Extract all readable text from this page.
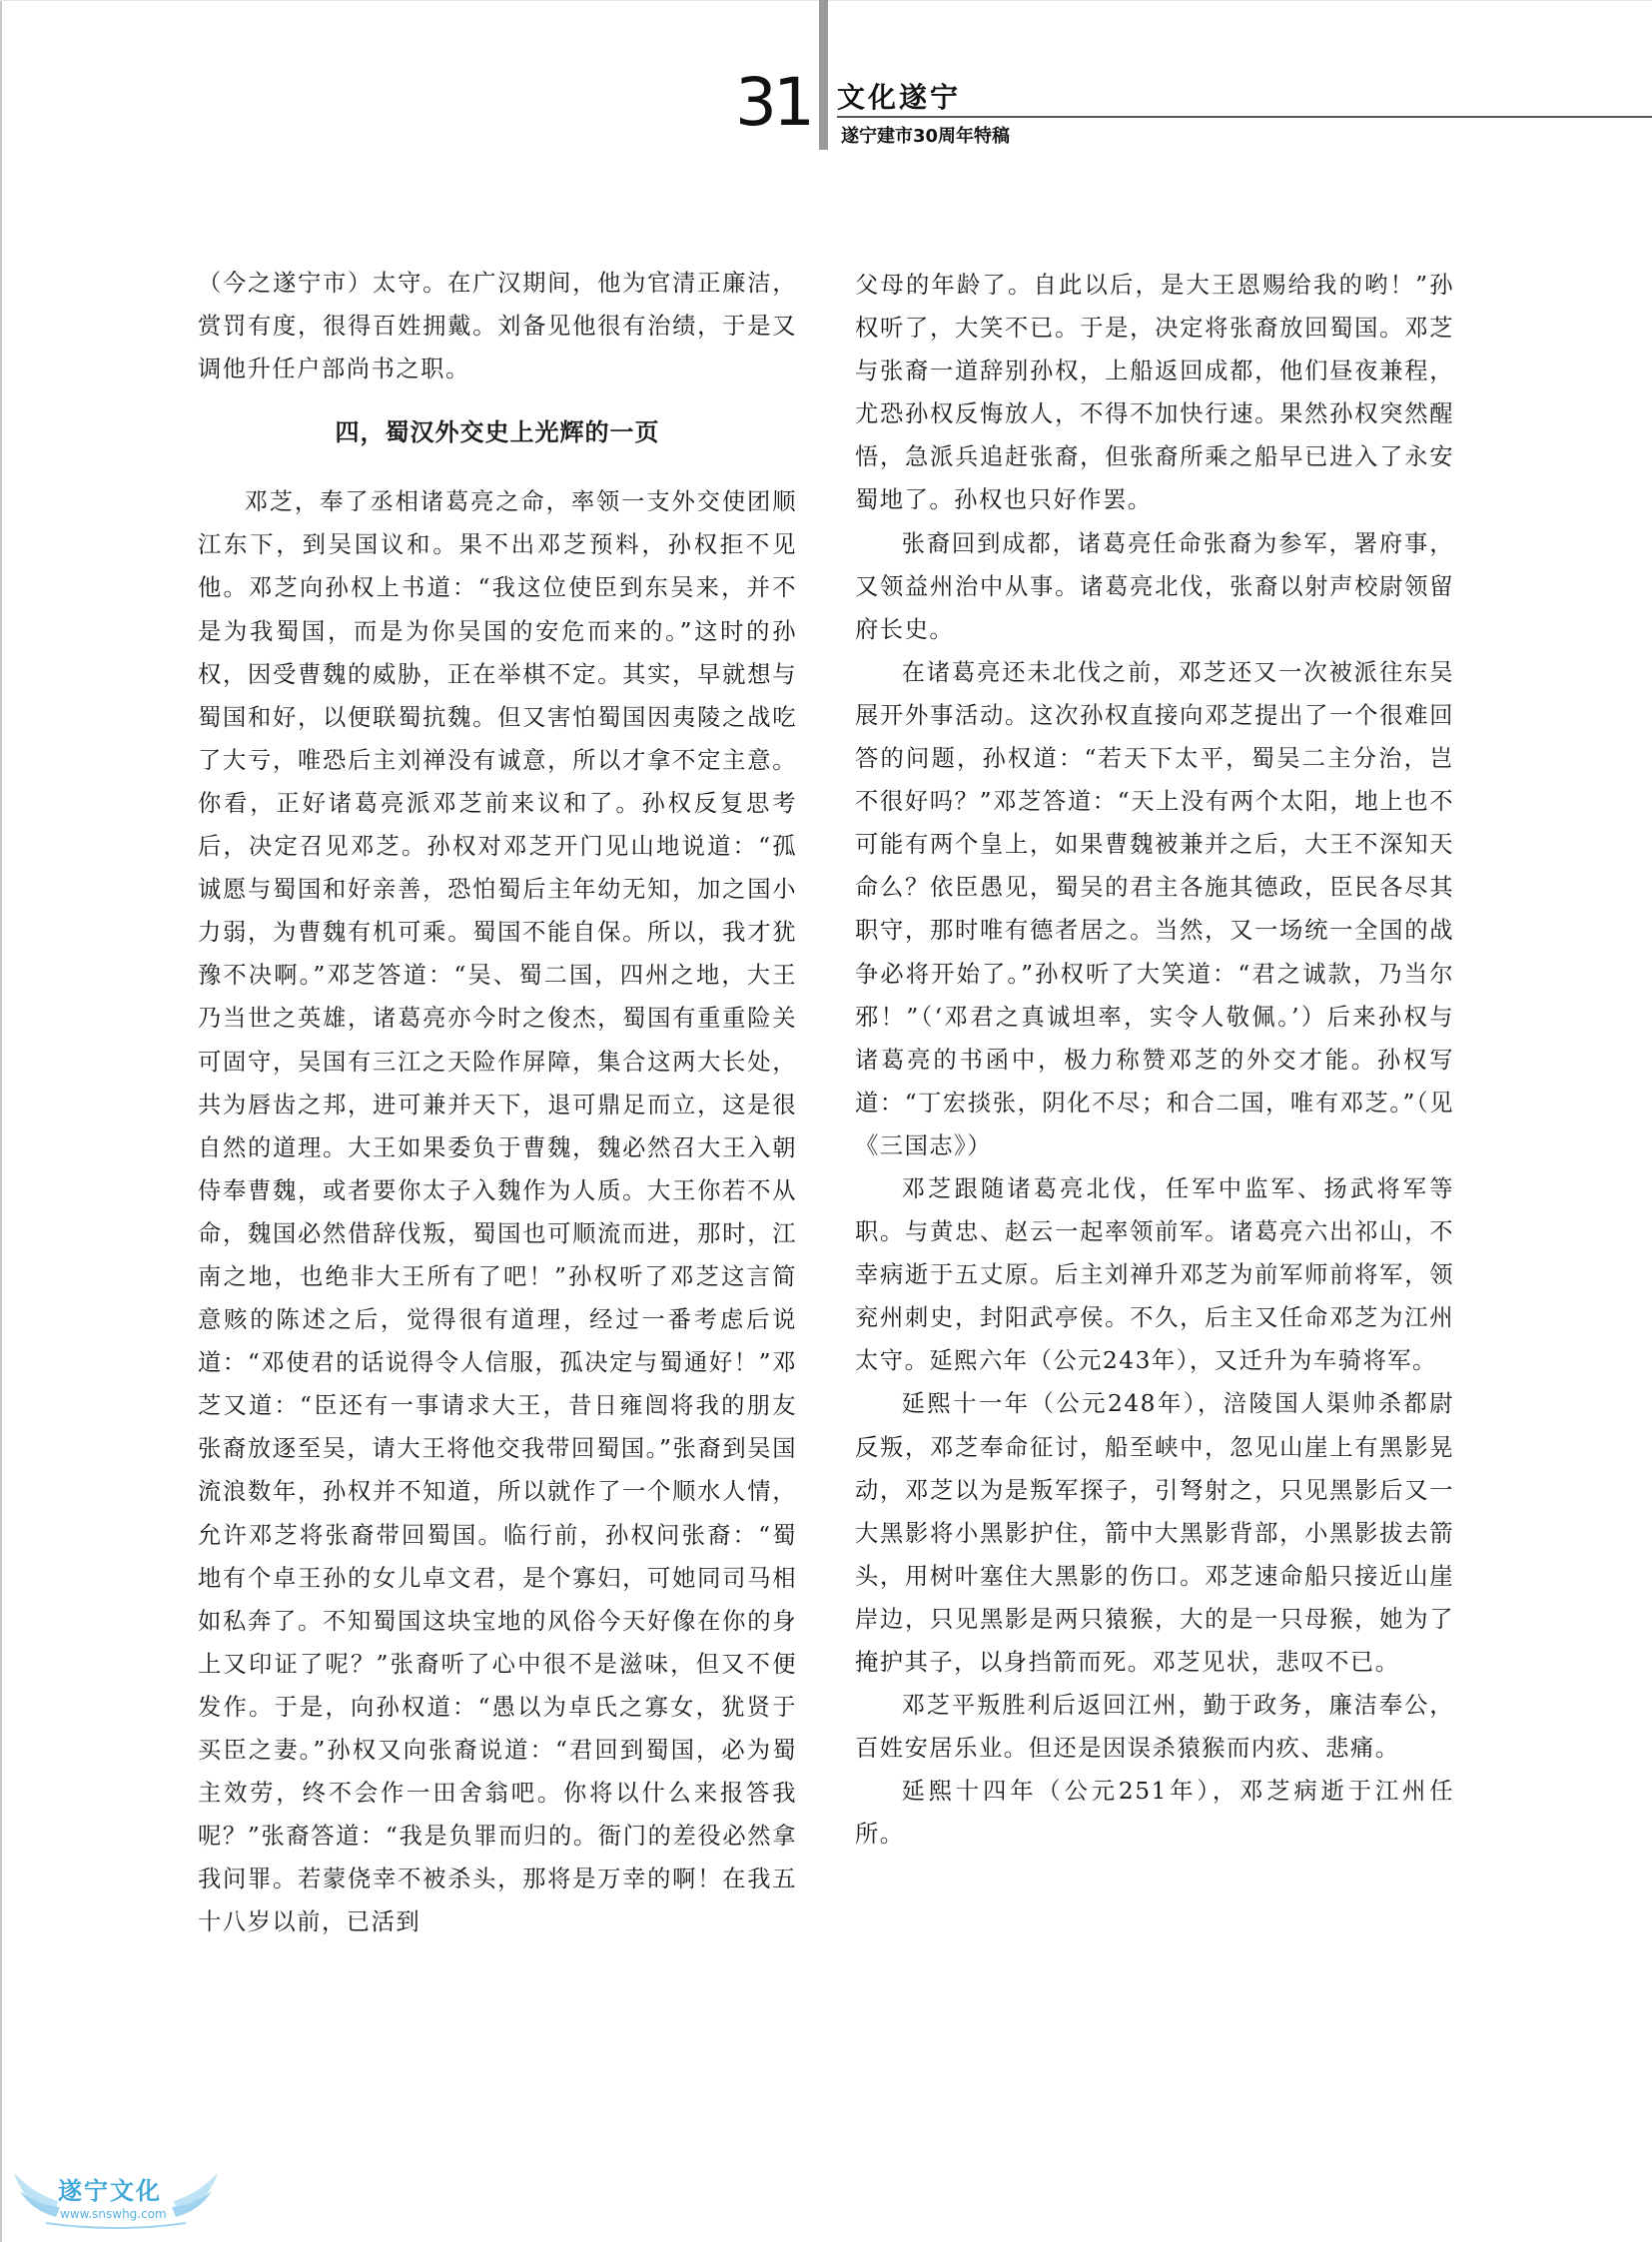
31 文化遂宁
遂宁建市30周年特稿

（今之遂宁市）太守。在广汉期间，他为官清正廉洁，赏罚有度，很得百姓拥戴。刘备见他很有治绩，于是又调他升任户部尚书之职。

四，蜀汉外交史上光辉的一页

邓芝，奉了丞相诸葛亮之命，率领一支外交使团顺江东下，到吴国议和。果不出邓芝预料，孙权拒不见他。邓芝向孙权上书道：“我这位使臣到东吴来，并不是为我蜀国，而是为你吴国的安危而来的。”这时的孙权，因受曹魏的威胁，正在举棋不定。其实，早就想与蜀国和好，以便联蜀抗魏。但又害怕蜀国因夷陵之战吃了大亏，唯恐后主刘禅没有诚意，所以才拿不定主意。你看，正好诸葛亮派邓芝前来议和了。孙权反复思考后，决定召见邓芝。孙权对邓芝开门见山地说道：“孤诚愿与蜀国和好亲善，恐怕蜀后主年幼无知，加之国小力弱，为曹魏有机可乘。蜀国不能自保。所以，我才犹豫不决啊。”邓芝答道：“吴、蜀二国，四州之地，大王乃当世之英雄，诸葛亮亦今时之俊杰，蜀国有重重险关可固守，吴国有三江之天险作屏障，集合这两大长处，共为唇齿之邦，进可兼并天下，退可鼎足而立，这是很自然的道理。大王如果委负于曹魏，魏必然召大王入朝侍奉曹魏，或者要你太子入魏作为人质。大王你若不从命，魏国必然借辞伐叛，蜀国也可顺流而进，那时，江南之地，也绝非大王所有了吧！”孙权听了邓芝这言简意赅的陈述之后，觉得很有道理，经过一番考虑后说道：“邓使君的话说得令人信服，孤决定与蜀通好！”邓芝又道：“臣还有一事请求大王，昔日雍闿将我的朋友张裔放逐至吴，请大王将他交我带回蜀国。”张裔到吴国流浪数年，孙权并不知道，所以就作了一个顺水人情，允许邓芝将张裔带回蜀国。临行前，孙权问张裔：“蜀地有个卓王孙的女儿卓文君，是个寡妇，可她同司马相如私奔了。不知蜀国这块宝地的风俗今天好像在你的身上又印证了呢？”张裔听了心中很不是滋味，但又不便发作。于是，向孙权道：“愚以为卓氏之寡女，犹贤于买臣之妻。”孙权又向张裔说道：“君回到蜀国，必为蜀主效劳，终不会作一田舍翁吧。你将以什么来报答我呢？”张裔答道：“我是负罪而归的。衙门的差役必然拿我问罪。若蒙侥幸不被杀头，那将是万幸的啊！在我五十八岁以前，已活到

父母的年龄了。自此以后，是大王恩赐给我的哟！”孙权听了，大笑不已。于是，决定将张裔放回蜀国。邓芝与张裔一道辞别孙权，上船返回成都，他们昼夜兼程，尤恐孙权反悔放人，不得不加快行速。果然孙权突然醒悟，急派兵追赶张裔，但张裔所乘之船早已进入了永安蜀地了。孙权也只好作罢。

张裔回到成都，诸葛亮任命张裔为参军，署府事，又领益州治中从事。诸葛亮北伐，张裔以射声校尉领留府长史。

在诸葛亮还未北伐之前，邓芝还又一次被派往东吴展开外事活动。这次孙权直接向邓芝提出了一个很难回答的问题，孙权道：“若天下太平，蜀吴二主分治，岂不很好吗？”邓芝答道：“天上没有两个太阳，地上也不可能有两个皇上，如果曹魏被兼并之后，大王不深知天命么？依臣愚见，蜀吴的君主各施其德政，臣民各尽其职守，那时唯有德者居之。当然，又一场统一全国的战争必将开始了。”孙权听了大笑道：“君之诚款，乃当尔邪！”（‘邓君之真诚坦率，实令人敬佩。’）后来孙权与诸葛亮的书函中，极力称赞邓芝的外交才能。孙权写道：“丁宏掞张，阴化不尽；和合二国，唯有邓芝。”（见《三国志》）

邓芝跟随诸葛亮北伐，任军中监军、扬武将军等职。与黄忠、赵云一起率领前军。诸葛亮六出祁山，不幸病逝于五丈原。后主刘禅升邓芝为前军师前将军，领兖州刺史，封阳武亭侯。不久，后主又任命邓芝为江州太守。延熙六年（公元243年），又迁升为车骑将军。

延熙十一年（公元248年），涪陵国人渠帅杀都尉反叛，邓芝奉命征讨，船至峡中，忽见山崖上有黑影晃动，邓芝以为是叛军探子，引弩射之，只见黑影后又一大黑影将小黑影护住，箭中大黑影背部，小黑影拔去箭头，用树叶塞住大黑影的伤口。邓芝速命船只接近山崖岸边，只见黑影是两只猿猴，大的是一只母猴，她为了掩护其子，以身挡箭而死。邓芝见状，悲叹不已。

邓芝平叛胜利后返回江州，勤于政务，廉洁奉公，百姓安居乐业。但还是因误杀猿猴而内疚、悲痛。

延熙十四年（公元251年），邓芝病逝于江州任所。

遂宁文化
www.snswhg.com
